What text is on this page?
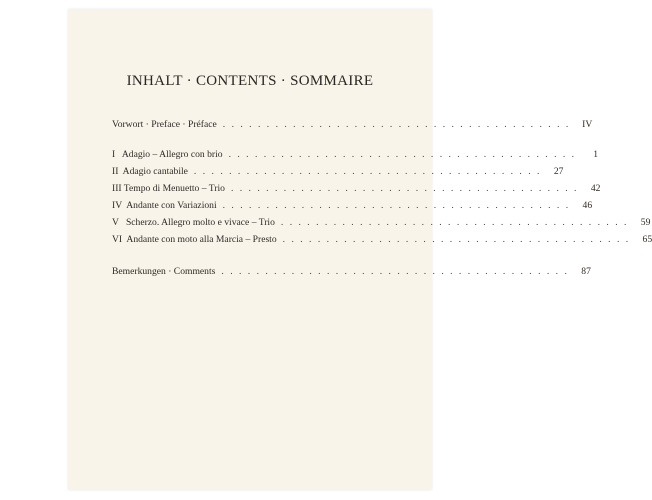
INHALT · CONTENTS · SOMMAIRE
Vorwort · Preface · Préface . . . . . . . . . . . . . . . . . . . . . . . . . . . . . . . . . . . . . . . .	IV
I   Adagio – Allegro con brio . . . . . . . . . . . . . . . . . . . . . . . . . . . . . . . . . . . . . . . .	1
II  Adagio cantabile . . . . . . . . . . . . . . . . . . . . . . . . . . . . . . . . . . . . . . . .	27
III Tempo di Menuetto – Trio . . . . . . . . . . . . . . . . . . . . . . . . . . . . . . . . . . . . . . . .	42
IV  Andante con Variazioni . . . . . . . . . . . . . . . . . . . . . . . . . . . . . . . . . . . . . . . .	46
V   Scherzo. Allegro molto e vivace – Trio . . . . . . . . . . . . . . . . . . . . . . . . . . . . . . . . . . . . . . . .	59
VI  Andante con moto alla Marcia – Presto . . . . . . . . . . . . . . . . . . . . . . . . . . . . . . . . . . . . . . . .	65
Bemerkungen · Comments . . . . . . . . . . . . . . . . . . . . . . . . . . . . . . . . . . . . . . . .	87
